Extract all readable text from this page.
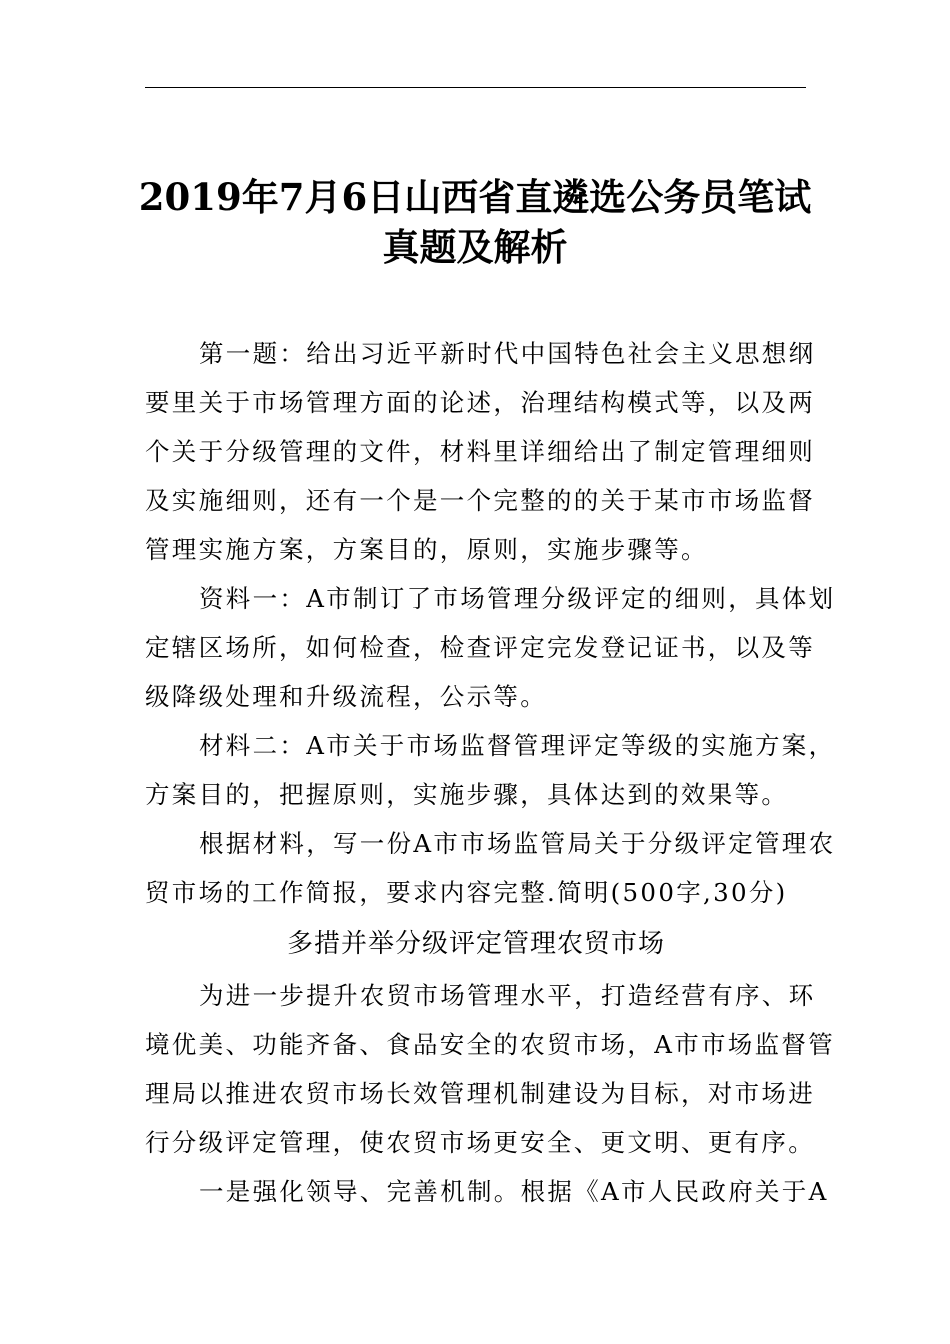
2019年7月6日山西省直遴选公务员笔试
真题及解析
第一题：给出习近平新时代中国特色社会主义思想纲
要里关于市场管理方面的论述，治理结构模式等，以及两
个关于分级管理的文件，材料里详细给出了制定管理细则
及实施细则，还有一个是一个完整的的关于某市市场监督
管理实施方案，方案目的，原则，实施步骤等。
资料一：A市制订了市场管理分级评定的细则，具体划
定辖区场所，如何检查，检查评定完发登记证书，以及等
级降级处理和升级流程，公示等。
材料二：A市关于市场监督管理评定等级的实施方案，
方案目的，把握原则，实施步骤，具体达到的效果等。
根据材料，写一份A市市场监管局关于分级评定管理农
贸市场的工作简报，要求内容完整.简明(500字,30分)
多措并举分级评定管理农贸市场
为进一步提升农贸市场管理水平，打造经营有序、环
境优美、功能齐备、食品安全的农贸市场，A市市场监督管
理局以推进农贸市场长效管理机制建设为目标，对市场进
行分级评定管理，使农贸市场更安全、更文明、更有序。
一是强化领导、完善机制。根据《A市人民政府关于A
